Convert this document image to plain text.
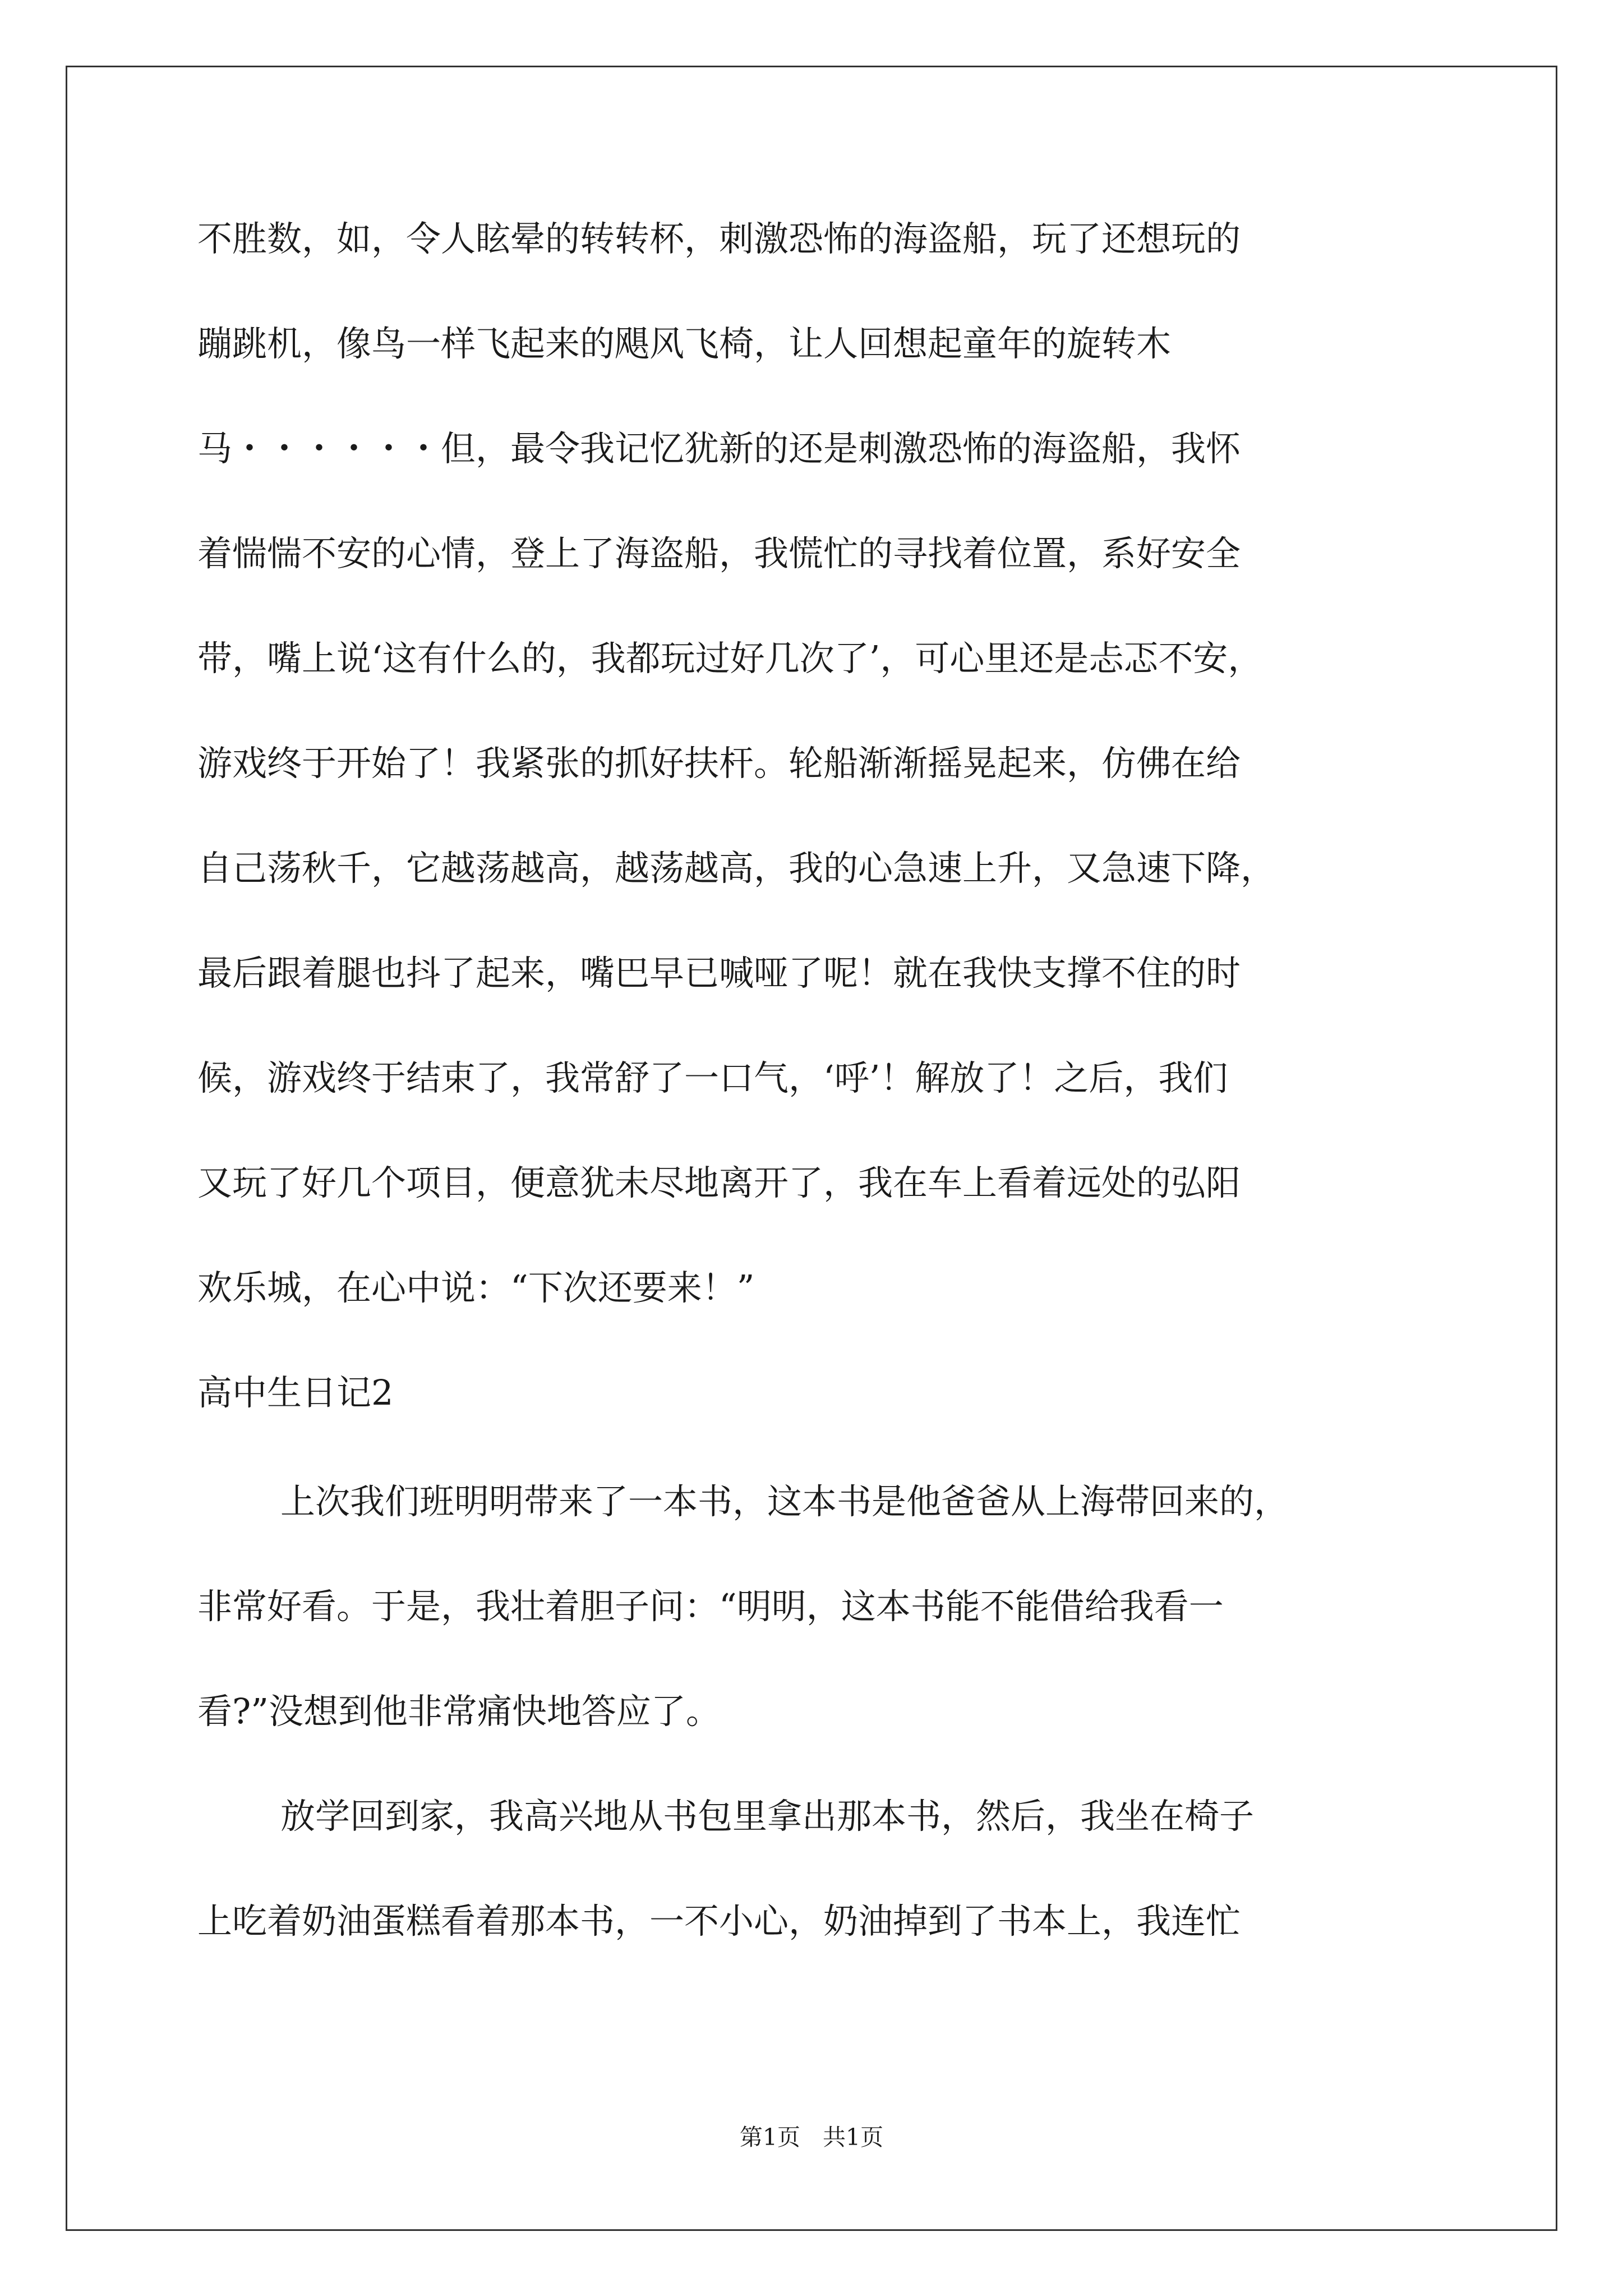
不胜数，如，令人眩晕的转转杯，刺激恐怖的海盗船，玩了还想玩的
蹦跳机，像鸟一样飞起来的飓风飞椅，让人回想起童年的旋转木
马・・・・・・但，最令我记忆犹新的还是刺激恐怖的海盗船，我怀
着惴惴不安的心情，登上了海盗船，我慌忙的寻找着位置，系好安全
带，嘴上说‘这有什么的，我都玩过好几次了’，可心里还是忐忑不安，
游戏终于开始了！我紧张的抓好扶杆。轮船渐渐摇晃起来，仿佛在给
自己荡秋千，它越荡越高，越荡越高，我的心急速上升，又急速下降，
最后跟着腿也抖了起来，嘴巴早已喊哑了呢！就在我快支撑不住的时
候，游戏终于结束了，我常舒了一口气，‘呼’！解放了！之后，我们
又玩了好几个项目，便意犹未尽地离开了，我在车上看着远处的弘阳
欢乐城，在心中说：“下次还要来！”
高中生日记2
上次我们班明明带来了一本书，这本书是他爸爸从上海带回来的，
非常好看。于是，我壮着胆子问：“明明，这本书能不能借给我看一
看?”没想到他非常痛快地答应了。
放学回到家，我高兴地从书包里拿出那本书，然后，我坐在椅子
上吃着奶油蛋糕看着那本书，一不小心，奶油掉到了书本上，我连忙
第1页 共1页
